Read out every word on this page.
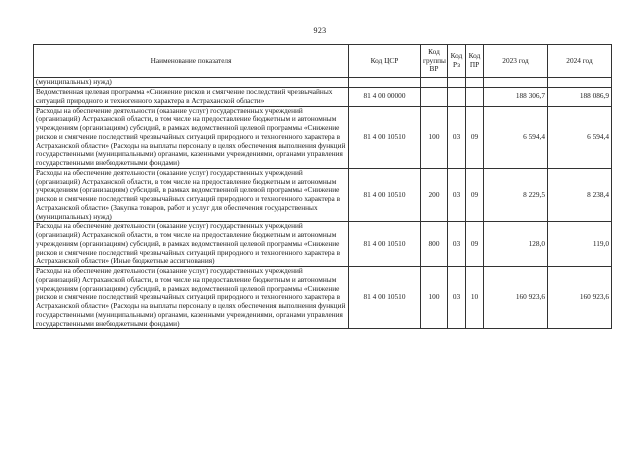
923
Наименование показателя	Код ЦСР	Код группы ВР	Код Рз	Код ПР	2023 год	2024 год
(муниципальных) нужд)						
Ведомственная целевая программа «Снижение рисков и смягчение последствий чрезвычайных ситуаций природного и техногенного характера в Астраханской области»	81 4 00 00000				188 306,7	188 086,9
Расходы на обеспечение деятельности (оказание услуг) государственных учреждений (организаций) Астраханской области, в том числе на предоставление бюджетным и автономным учреждениям (организациям) субсидий, в рамках ведомственной целевой программы «Снижение рисков и смягчение последствий чрезвычайных ситуаций природного и техногенного характера в Астраханской области» (Расходы на выплаты персоналу в целях обеспечения выполнения функций государственными (муниципальными) органами, казенными учреждениями, органами управления государственными внебюджетными фондами)	81 4 00 10510	100	03	09	6 594,4	6 594,4
Расходы на обеспечение деятельности (оказание услуг) государственных учреждений (организаций) Астраханской области, в том числе на предоставление бюджетным и автономным учреждениям (организациям) субсидий, в рамках ведомственной целевой программы «Снижение рисков и смягчение последствий чрезвычайных ситуаций природного и техногенного характера в Астраханской области» (Закупка товаров, работ и услуг для обеспечения государственных (муниципальных) нужд)	81 4 00 10510	200	03	09	8 229,5	8 238,4
Расходы на обеспечение деятельности (оказание услуг) государственных учреждений (организаций) Астраханской области, в том числе на предоставление бюджетным и автономным учреждениям (организациям) субсидий, в рамках ведомственной целевой программы «Снижение рисков и смягчение последствий чрезвычайных ситуаций природного и техногенного характера в Астраханской области» (Иные бюджетные ассигнования)	81 4 00 10510	800	03	09	128,0	119,0
Расходы на обеспечение деятельности (оказание услуг) государственных учреждений (организаций) Астраханской области, в том числе на предоставление бюджетным и автономным учреждениям (организациям) субсидий, в рамках ведомственной целевой программы «Снижение рисков и смягчение последствий чрезвычайных ситуаций природного и техногенного характера в Астраханской области» (Расходы на выплаты персоналу в целях обеспечения выполнения функций государственными (муниципальными) органами, казенными учреждениями, органами управления государственными внебюджетными фондами)	81 4 00 10510	100	03	10	160 923,6	160 923,6
